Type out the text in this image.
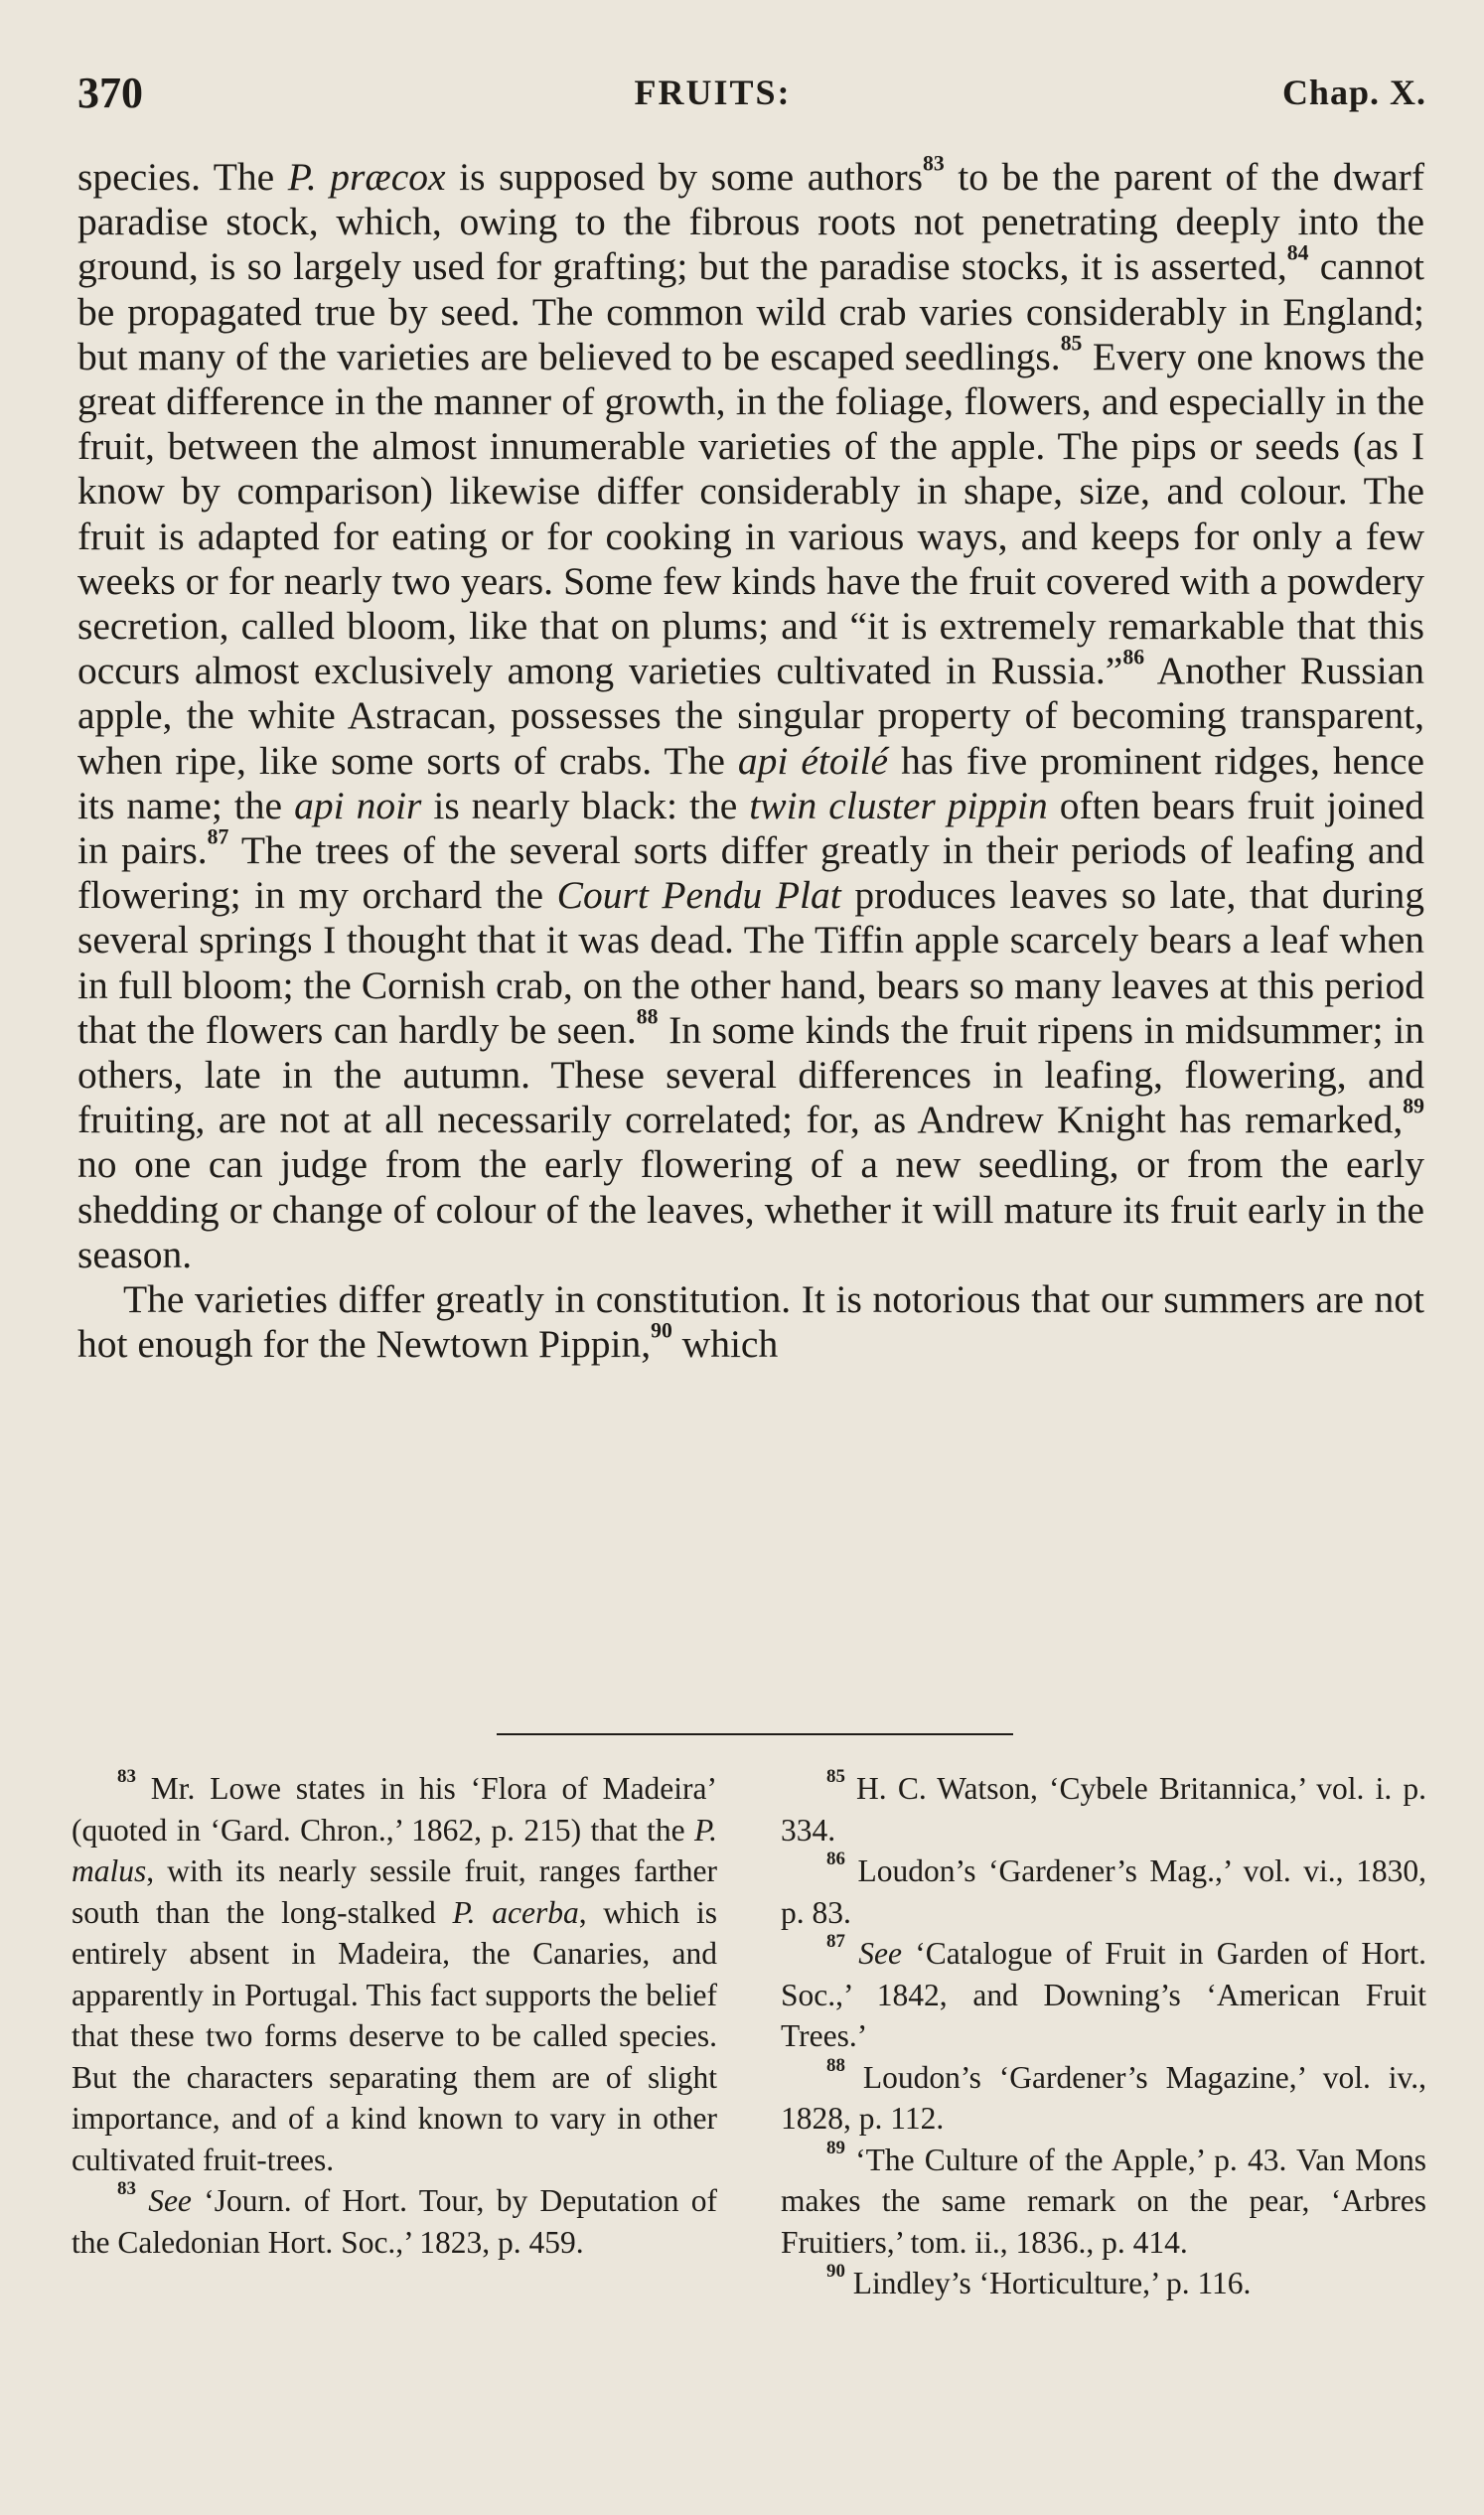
370	FRUITS:	Chap. X.

species. The P. præcox is supposed by some authors$^{83}$ to be the parent of the dwarf paradise stock, which, owing to the fibrous roots not penetrating deeply into the ground, is so largely used for grafting; but the paradise stocks, it is asserted,$^{84}$ cannot be propagated true by seed. The common wild crab varies considerably in England; but many of the varieties are believed to be escaped seedlings.$^{85}$ Every one knows the great difference in the manner of growth, in the foliage, flowers, and especially in the fruit, between the almost innumerable varieties of the apple. The pips or seeds (as I know by comparison) likewise differ considerably in shape, size, and colour. The fruit is adapted for eating or for cooking in various ways, and keeps for only a few weeks or for nearly two years. Some few kinds have the fruit covered with a powdery secretion, called bloom, like that on plums; and “it is extremely remarkable that this occurs almost exclusively among varieties cultivated in Russia.”$^{86}$ Another Russian apple, the white Astracan, possesses the singular property of becoming transparent, when ripe, like some sorts of crabs. The api étoilé has five prominent ridges, hence its name; the api noir is nearly black: the twin cluster pippin often bears fruit joined in pairs.$^{87}$ The trees of the several sorts differ greatly in their periods of leafing and flowering; in my orchard the Court Pendu Plat produces leaves so late, that during several springs I thought that it was dead. The Tiffin apple scarcely bears a leaf when in full bloom; the Cornish crab, on the other hand, bears so many leaves at this period that the flowers can hardly be seen.$^{88}$ In some kinds the fruit ripens in midsummer; in others, late in the autumn. These several differences in leafing, flowering, and fruiting, are not at all necessarily correlated; for, as Andrew Knight has remarked,$^{89}$ no one can judge from the early flowering of a new seedling, or from the early shedding or change of colour of the leaves, whether it will mature its fruit early in the season.

The varieties differ greatly in constitution. It is notorious that our summers are not hot enough for the Newtown Pippin,$^{90}$ which

$^{83}$ Mr. Lowe states in his ‘Flora of Madeira’ (quoted in ‘Gard. Chron.,’ 1862, p. 215) that the P. malus, with its nearly sessile fruit, ranges farther south than the long-stalked P. acerba, which is entirely absent in Madeira, the Canaries, and apparently in Portugal. This fact supports the belief that these two forms deserve to be called species. But the characters separating them are of slight importance, and of a kind known to vary in other cultivated fruit-trees.

$^{83}$ See ‘Journ. of Hort. Tour, by Deputation of the Caledonian Hort. Soc.,’ 1823, p. 459.

$^{85}$ H. C. Watson, ‘Cybele Britannica,’ vol. i. p. 334.

$^{86}$ Loudon’s ‘Gardener’s Mag.,’ vol. vi., 1830, p. 83.

$^{87}$ See ‘Catalogue of Fruit in Garden of Hort. Soc.,’ 1842, and Downing’s ‘American Fruit Trees.’

$^{88}$ Loudon’s ‘Gardener’s Magazine,’ vol. iv., 1828, p. 112.

$^{89}$ ‘The Culture of the Apple,’ p. 43. Van Mons makes the same remark on the pear, ‘Arbres Fruitiers,’ tom. ii., 1836., p. 414.

$^{90}$ Lindley’s ‘Horticulture,’ p. 116.
